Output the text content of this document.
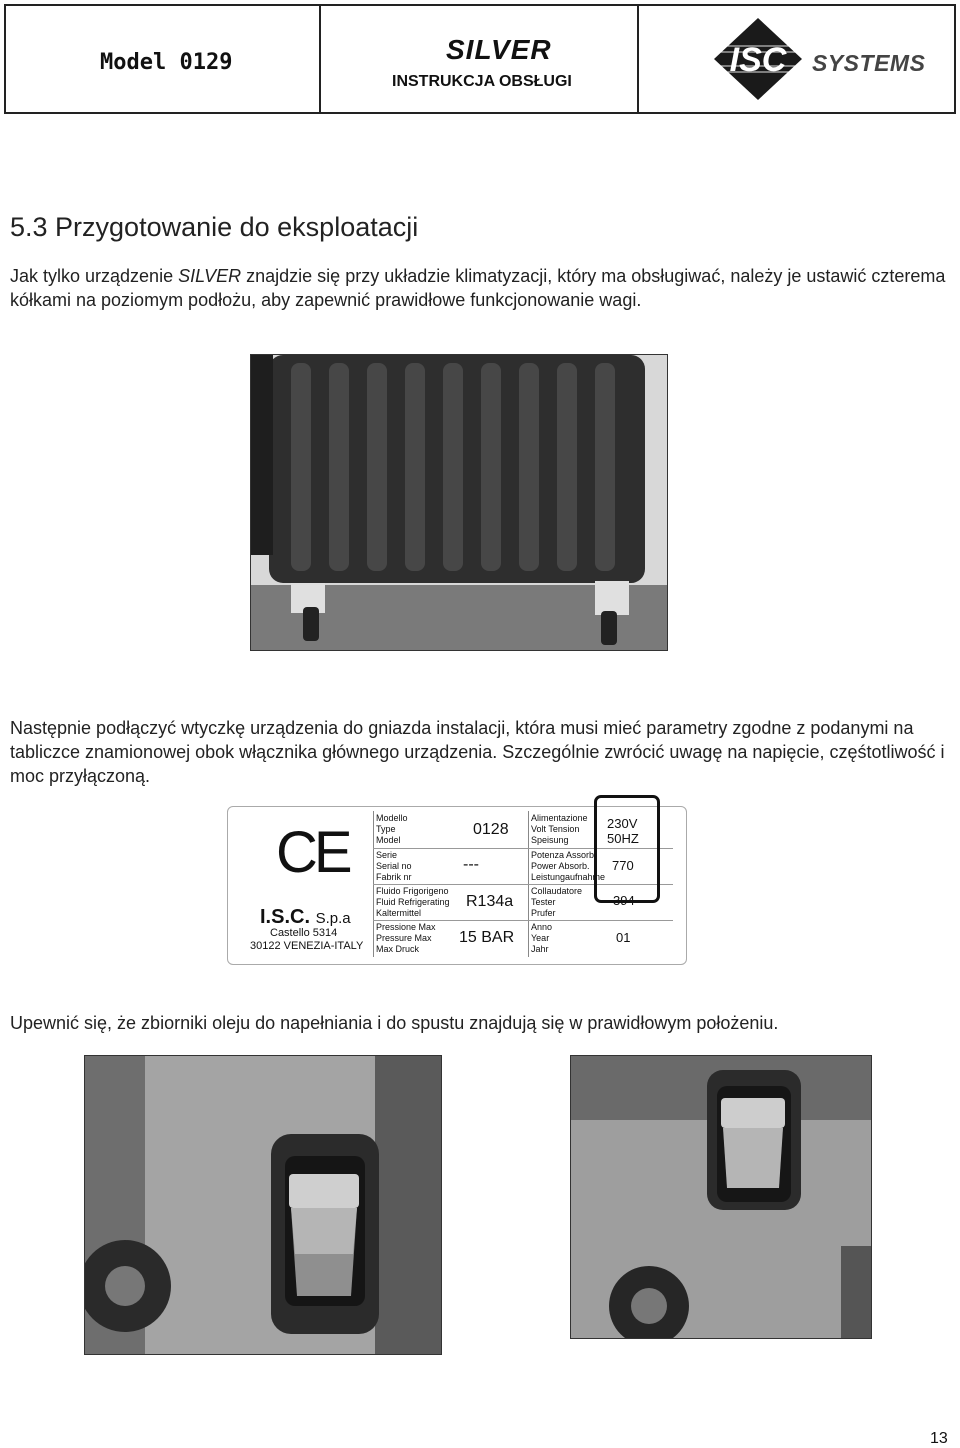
Model 0129	SILVER
INSTRUKCJA OBSŁUGI
ISC SYSTEMS
5.3 Przygotowanie do eksploatacji
Jak tylko urządzenie SILVER znajdzie się przy układzie klimatyzacji, który ma obsługiwać, należy je ustawić czterema kółkami na poziomym podłożu, aby zapewnić prawidłowe funkcjonowanie wagi.
Następnie podłączyć wtyczkę urządzenia do gniazda instalacji, która musi mieć parametry zgodne z podanymi na tabliczce znamionowej obok włącznika głównego urządzenia. Szczególnie zwrócić uwagę na napięcie, częśtotliwość i moc przyłączoną.
CE
I.S.C. S.p.a
Castello 5314
30122 VENEZIA-ITALY
Modello
Type
Model
Serie
Serial no
Fabrik nr
Fluido Frigorigeno
Fluid Refrigerating
Kaltermittel
Pressione Max
Pressure Max
Max Druck
0128
---
R134a
15 BAR
Alimentazione
Volt Tension
Speisung
Potenza Assorb.
Power Absorb.
Leistungaufnahme
Collaudatore
Tester
Prufer
Anno
Year
Jahr
230V
50HZ
770
394
01
Upewnić się, że zbiorniki oleju do napełniania i do spustu znajdują się w prawidłowym położeniu.
13
